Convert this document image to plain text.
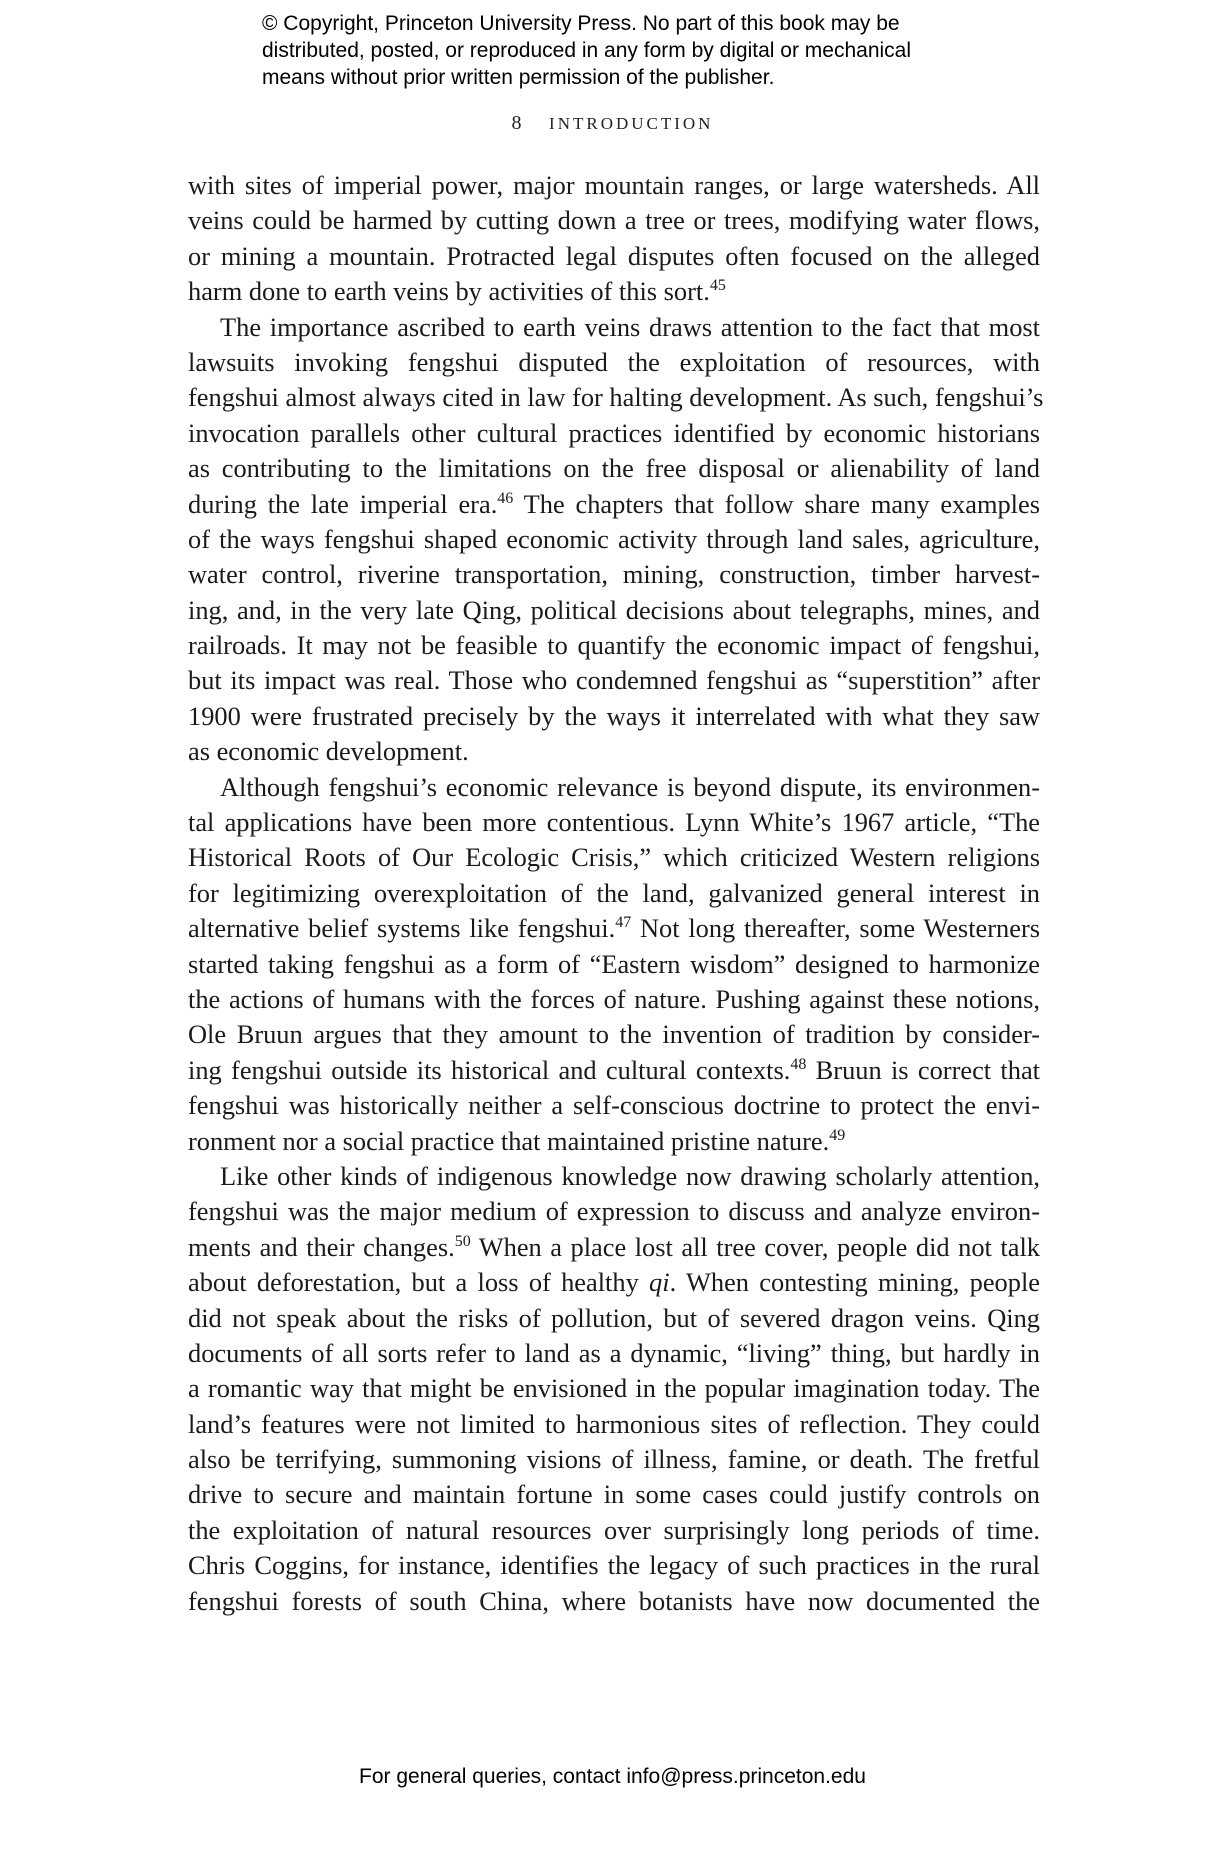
© Copyright, Princeton University Press. No part of this book may be
distributed, posted, or reproduced in any form by digital or mechanical
means without prior written permission of the publisher.
8 INTRODUCTION
with sites of imperial power, major mountain ranges, or large watersheds. All
veins could be harmed by cutting down a tree or trees, modifying water flows,
or mining a mountain. Protracted legal disputes often focused on the alleged
harm done to earth veins by activities of this sort.$^{45}$
The importance ascribed to earth veins draws attention to the fact that most
lawsuits invoking fengshui disputed the exploitation of resources, with
fengshui almost always cited in law for halting development. As such, fengshui’s
invocation parallels other cultural practices identified by economic historians
as contributing to the limitations on the free disposal or alienability of land
during the late imperial era.$^{46}$ The chapters that follow share many examples
of the ways fengshui shaped economic activity through land sales, agriculture,
water control, riverine transportation, mining, construction, timber harvest-
ing, and, in the very late Qing, political decisions about telegraphs, mines, and
railroads. It may not be feasible to quantify the economic impact of fengshui,
but its impact was real. Those who condemned fengshui as “superstition” after
1900 were frustrated precisely by the ways it interrelated with what they saw
as economic development.
Although fengshui’s economic relevance is beyond dispute, its environmen-
tal applications have been more contentious. Lynn White’s 1967 article, “The
Historical Roots of Our Ecologic Crisis,” which criticized Western religions
for legitimizing overexploitation of the land, galvanized general interest in
alternative belief systems like fengshui.$^{47}$ Not long thereafter, some Westerners
started taking fengshui as a form of “Eastern wisdom” designed to harmonize
the actions of humans with the forces of nature. Pushing against these notions,
Ole Bruun argues that they amount to the invention of tradition by consider-
ing fengshui outside its historical and cultural contexts.$^{48}$ Bruun is correct that
fengshui was historically neither a self-conscious doctrine to protect the envi-
ronment nor a social practice that maintained pristine nature.$^{49}$
Like other kinds of indigenous knowledge now drawing scholarly attention,
fengshui was the major medium of expression to discuss and analyze environ-
ments and their changes.$^{50}$ When a place lost all tree cover, people did not talk
about deforestation, but a loss of healthy qi. When contesting mining, people
did not speak about the risks of pollution, but of severed dragon veins. Qing
documents of all sorts refer to land as a dynamic, “living” thing, but hardly in
a romantic way that might be envisioned in the popular imagination today. The
land’s features were not limited to harmonious sites of reflection. They could
also be terrifying, summoning visions of illness, famine, or death. The fretful
drive to secure and maintain fortune in some cases could justify controls on
the exploitation of natural resources over surprisingly long periods of time.
Chris Coggins, for instance, identifies the legacy of such practices in the rural
fengshui forests of south China, where botanists have now documented the
For general queries, contact info@press.princeton.edu
